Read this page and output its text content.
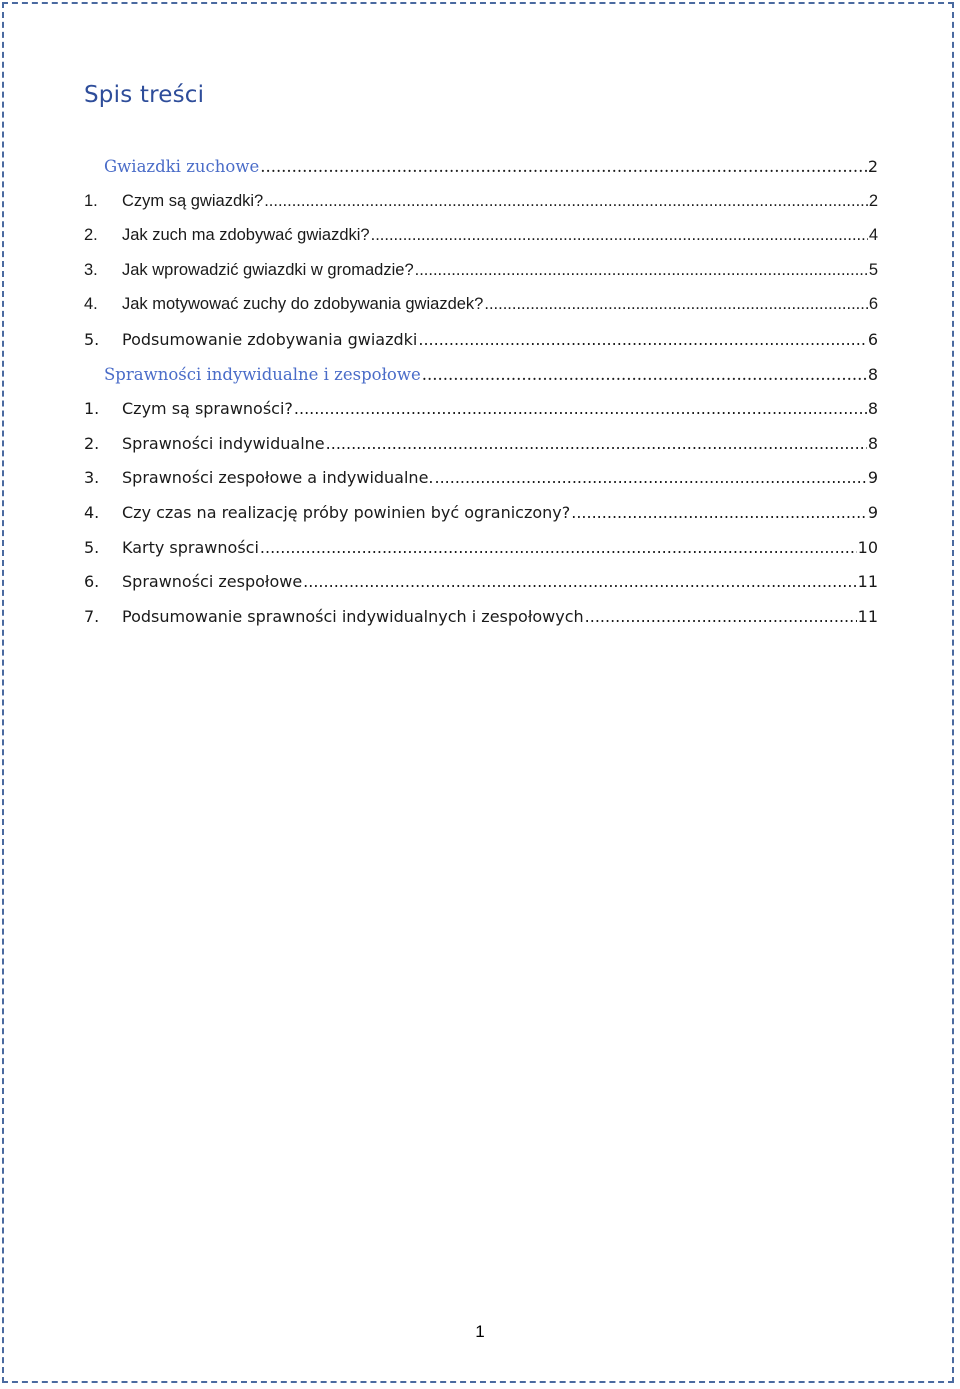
Spis treści
Gwiazdki zuchowe .....	2
1.	Czym są gwiazdki? .....	2
2.	Jak zuch ma zdobywać gwiazdki? .....	4
3.	Jak wprowadzić gwiazdki w gromadzie? .....	5
4.	Jak motywować zuchy do zdobywania gwiazdek? .....	6
5.	Podsumowanie zdobywania gwiazdki .....	6
Sprawności indywidualne i zespołowe .....	8
1.	Czym są sprawności? .....	8
2.	Sprawności indywidualne .....	8
3.	Sprawności zespołowe a indywidualne. .....	9
4.	Czy czas na realizację próby powinien być ograniczony? .....	9
5.	Karty sprawności .....	10
6.	Sprawności zespołowe .....	11
7.	Podsumowanie sprawności indywidualnych i zespołowych .....	11
1
